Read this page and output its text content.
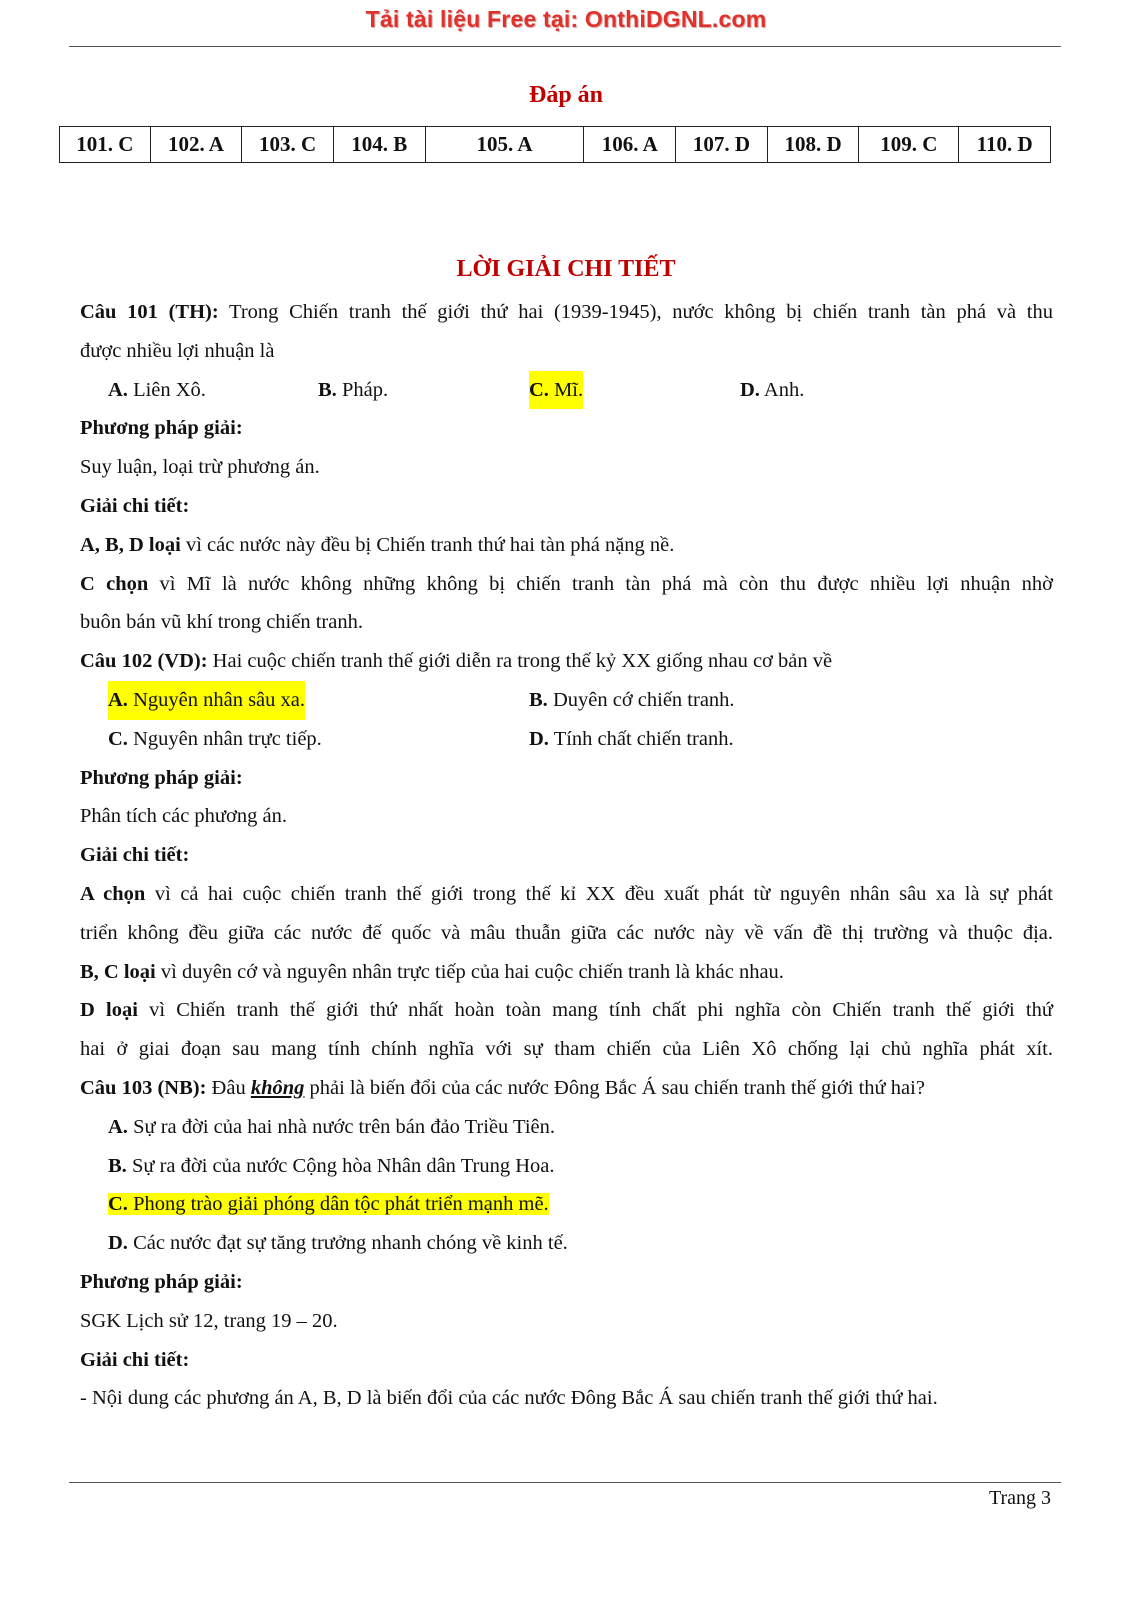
Tải tài liệu Free tại: OnthiDGNL.com
Đáp án
101. C	102. A	103. C	104. B	105. A	106. A	107. D	108. D	109. C	110. D
LỜI GIẢI CHI TIẾT
Câu 101 (TH): Trong Chiến tranh thế giới thứ hai (1939-1945), nước không bị chiến tranh tàn phá và thu
được nhiều lợi nhuận là
A. Liên Xô.	B. Pháp.	C. Mĩ.	D. Anh.
Phương pháp giải:
Suy luận, loại trừ phương án.
Giải chi tiết:
A, B, D loại vì các nước này đều bị Chiến tranh thứ hai tàn phá nặng nề.
C chọn vì Mĩ là nước không những không bị chiến tranh tàn phá mà còn thu được nhiều lợi nhuận nhờ
buôn bán vũ khí trong chiến tranh.
Câu 102 (VD): Hai cuộc chiến tranh thế giới diễn ra trong thế kỷ XX giống nhau cơ bản về
A. Nguyên nhân sâu xa.	B. Duyên cớ chiến tranh.
C. Nguyên nhân trực tiếp.	D. Tính chất chiến tranh.
Phương pháp giải:
Phân tích các phương án.
Giải chi tiết:
A chọn vì cả hai cuộc chiến tranh thế giới trong thế kỉ XX đều xuất phát từ nguyên nhân sâu xa là sự phát
triển không đều giữa các nước đế quốc và mâu thuẫn giữa các nước này về vấn đề thị trường và thuộc địa.
B, C loại vì duyên cớ và nguyên nhân trực tiếp của hai cuộc chiến tranh là khác nhau.
D loại vì Chiến tranh thế giới thứ nhất hoàn toàn mang tính chất phi nghĩa còn Chiến tranh thế giới thứ
hai ở giai đoạn sau mang tính chính nghĩa với sự tham chiến của Liên Xô chống lại chủ nghĩa phát xít.
Câu 103 (NB): Đâu không phải là biến đổi của các nước Đông Bắc Á sau chiến tranh thế giới thứ hai?
A. Sự ra đời của hai nhà nước trên bán đảo Triều Tiên.
B. Sự ra đời của nước Cộng hòa Nhân dân Trung Hoa.
C. Phong trào giải phóng dân tộc phát triển mạnh mẽ.
D. Các nước đạt sự tăng trưởng nhanh chóng về kinh tế.
Phương pháp giải:
SGK Lịch sử 12, trang 19 – 20.
Giải chi tiết:
- Nội dung các phương án A, B, D là biến đổi của các nước Đông Bắc Á sau chiến tranh thế giới thứ hai.
Trang 3
